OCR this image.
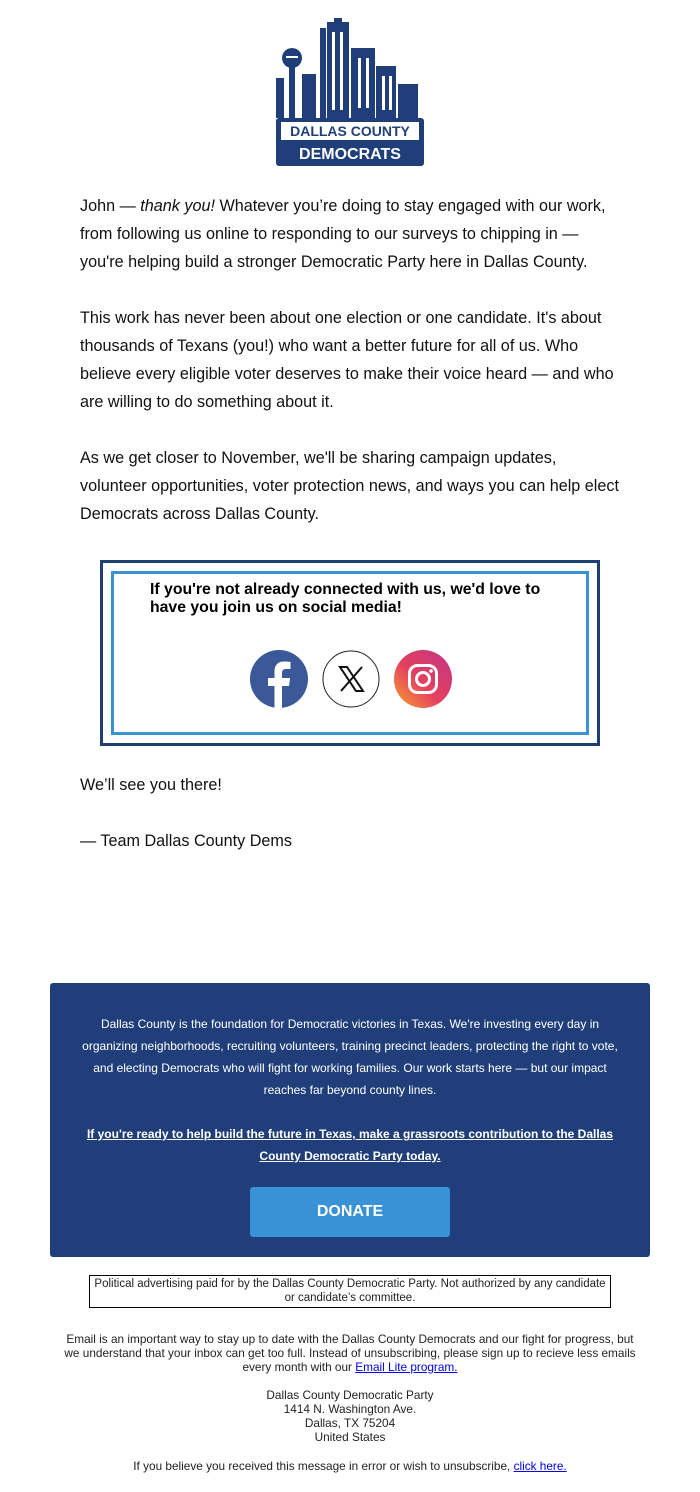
DALLAS COUNTY
DEMOCRATS
John — thank you! Whatever you’re doing to stay engaged with our work, from following us online to responding to our surveys to chipping in — you're helping build a stronger Democratic Party here in Dallas County.
This work has never been about one election or one candidate. It's about thousands of Texans (you!) who want a better future for all of us. Who believe every eligible voter deserves to make their voice heard — and who are willing to do something about it.
As we get closer to November, we'll be sharing campaign updates, volunteer opportunities, voter protection news, and ways you can help elect Democrats across Dallas County.
If you're not already connected with us, we'd love to have you join us on social media!
We’ll see you there!
— Team Dallas County Dems
Dallas County is the foundation for Democratic victories in Texas. We're investing every day in organizing neighborhoods, recruiting volunteers, training precinct leaders, protecting the right to vote, and electing Democrats who will fight for working families. Our work starts here — but our impact reaches far beyond county lines.
If you're ready to help build the future in Texas, make a grassroots contribution to the Dallas County Democratic Party today.
DONATE
Political advertising paid for by the Dallas County Democratic Party. Not authorized by any candidate or candidate’s committee.
Email is an important way to stay up to date with the Dallas County Democrats and our fight for progress, but we understand that your inbox can get too full. Instead of unsubscribing, please sign up to recieve less emails every month with our Email Lite program.
Dallas County Democratic Party
1414 N. Washington Ave.
Dallas, TX 75204
United States
If you believe you received this message in error or wish to unsubscribe, click here.
